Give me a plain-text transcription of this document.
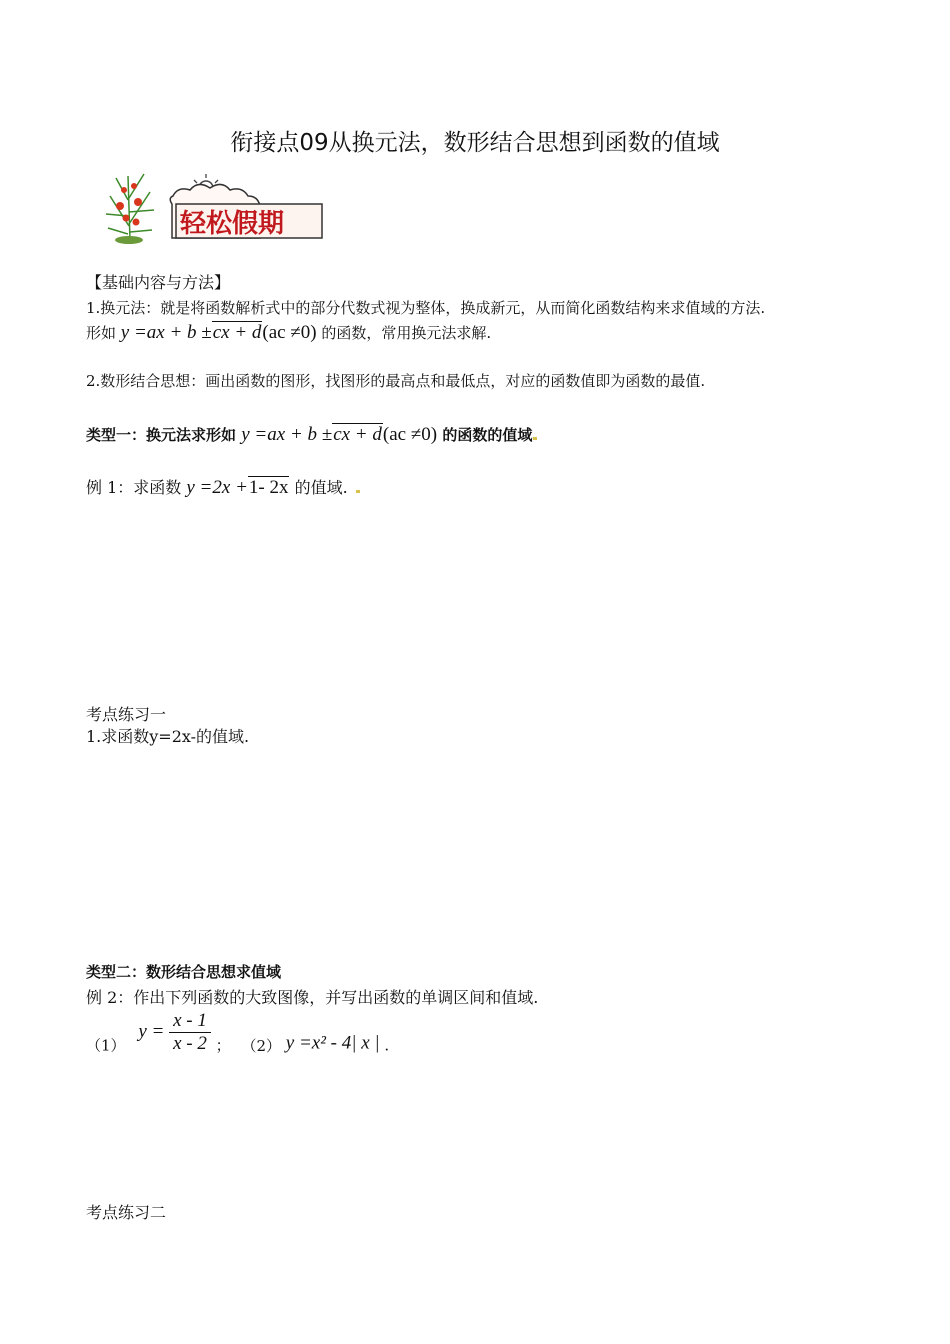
衔接点09从换元法，数形结合思想到函数的值域
轻松假期
【基础内容与方法】
1.换元法：就是将函数解析式中的部分代数式视为整体，换成新元，从而简化函数结构来求值域的方法.
形如 y =ax + b ±cx + d(ac ≠0) 的函数，常用换元法求解.
2.数形结合思想：画出函数的图形，找图形的最高点和最低点，对应的函数值即为函数的最值.
类型一：换元法求形如 y =ax + b ±cx + d(ac ≠0) 的函数的值域
例 1：求函数 y =2x +1- 2x 的值域.
考点练习一
1.求函数y=2x-的值域.
类型二：数形结合思想求值域
例 2：作出下列函数的大致图像，并写出函数的单调区间和值域.
（1） $y = \frac{x - 1}{x - 2}$ ； （2） y =x² - 4| x | .
考点练习二
